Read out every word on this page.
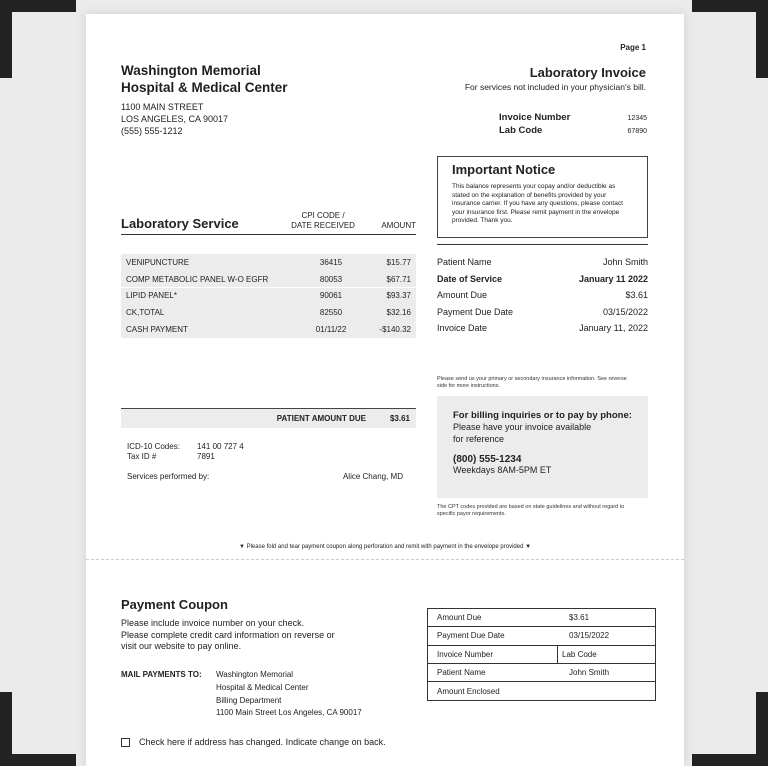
Page 1
Washington Memorial
Hospital & Medical Center
1100 MAIN STREET
LOS ANGELES, CA 90017
(555) 555-1212
Laboratory Invoice
For services not included in your physician's bill.
Invoice Number	12345
Lab Code	67890
Important Notice
This balance represents your copay and/or deductible as stated on the explanation of benefits provided by your insurance carrier. If you have any questions, please contact your insurance first. Please remit payment in the envelope provided. Thank you.
Laboratory Service
CPI CODE /
DATE RECEIVED	AMOUNT
VENIPUNCTURE	36415	$15.77
COMP METABOLIC PANEL W-O EGFR	80053	$67.71
LIPID PANEL*	90061	$93.37
CK,TOTAL	82550	$32.16
CASH PAYMENT	01/11/22	-$140.32
Patient Name	John Smith
Date of Service	January 11 2022
Amount Due	$3.61
Payment Due Date	03/15/2022
Invoice Date	January 11, 2022
Please send us your primary or secondary insurance information. See reverse side for more instructions.
PATIENT AMOUNT DUE	$3.61
ICD-10 Codes:	141 00 727 4
Tax ID #	7891
Services performed by:	Alice Chang, MD
For billing inquiries or to pay by phone:
Please have your invoice available
for reference
(800) 555-1234
Weekdays 8AM-5PM ET
The CPT codes provided are based on state guidelines and without regard to specific payor requirements.
▼ Please fold and tear payment coupon along perforation and remit with payment in the envelope provided ▼
Payment Coupon
Please include invoice number on your check.
Please complete credit card information on reverse or
visit our website to pay online.
MAIL PAYMENTS TO:	Washington Memorial
Hospital & Medical Center
Billing Department
1100 Main Street Los Angeles, CA 90017
Amount Due	$3.61
Payment Due Date	03/15/2022
Invoice Number	Lab Code
Patient Name	John Smith
Amount Enclosed
Check here if address has changed. Indicate change on back.
